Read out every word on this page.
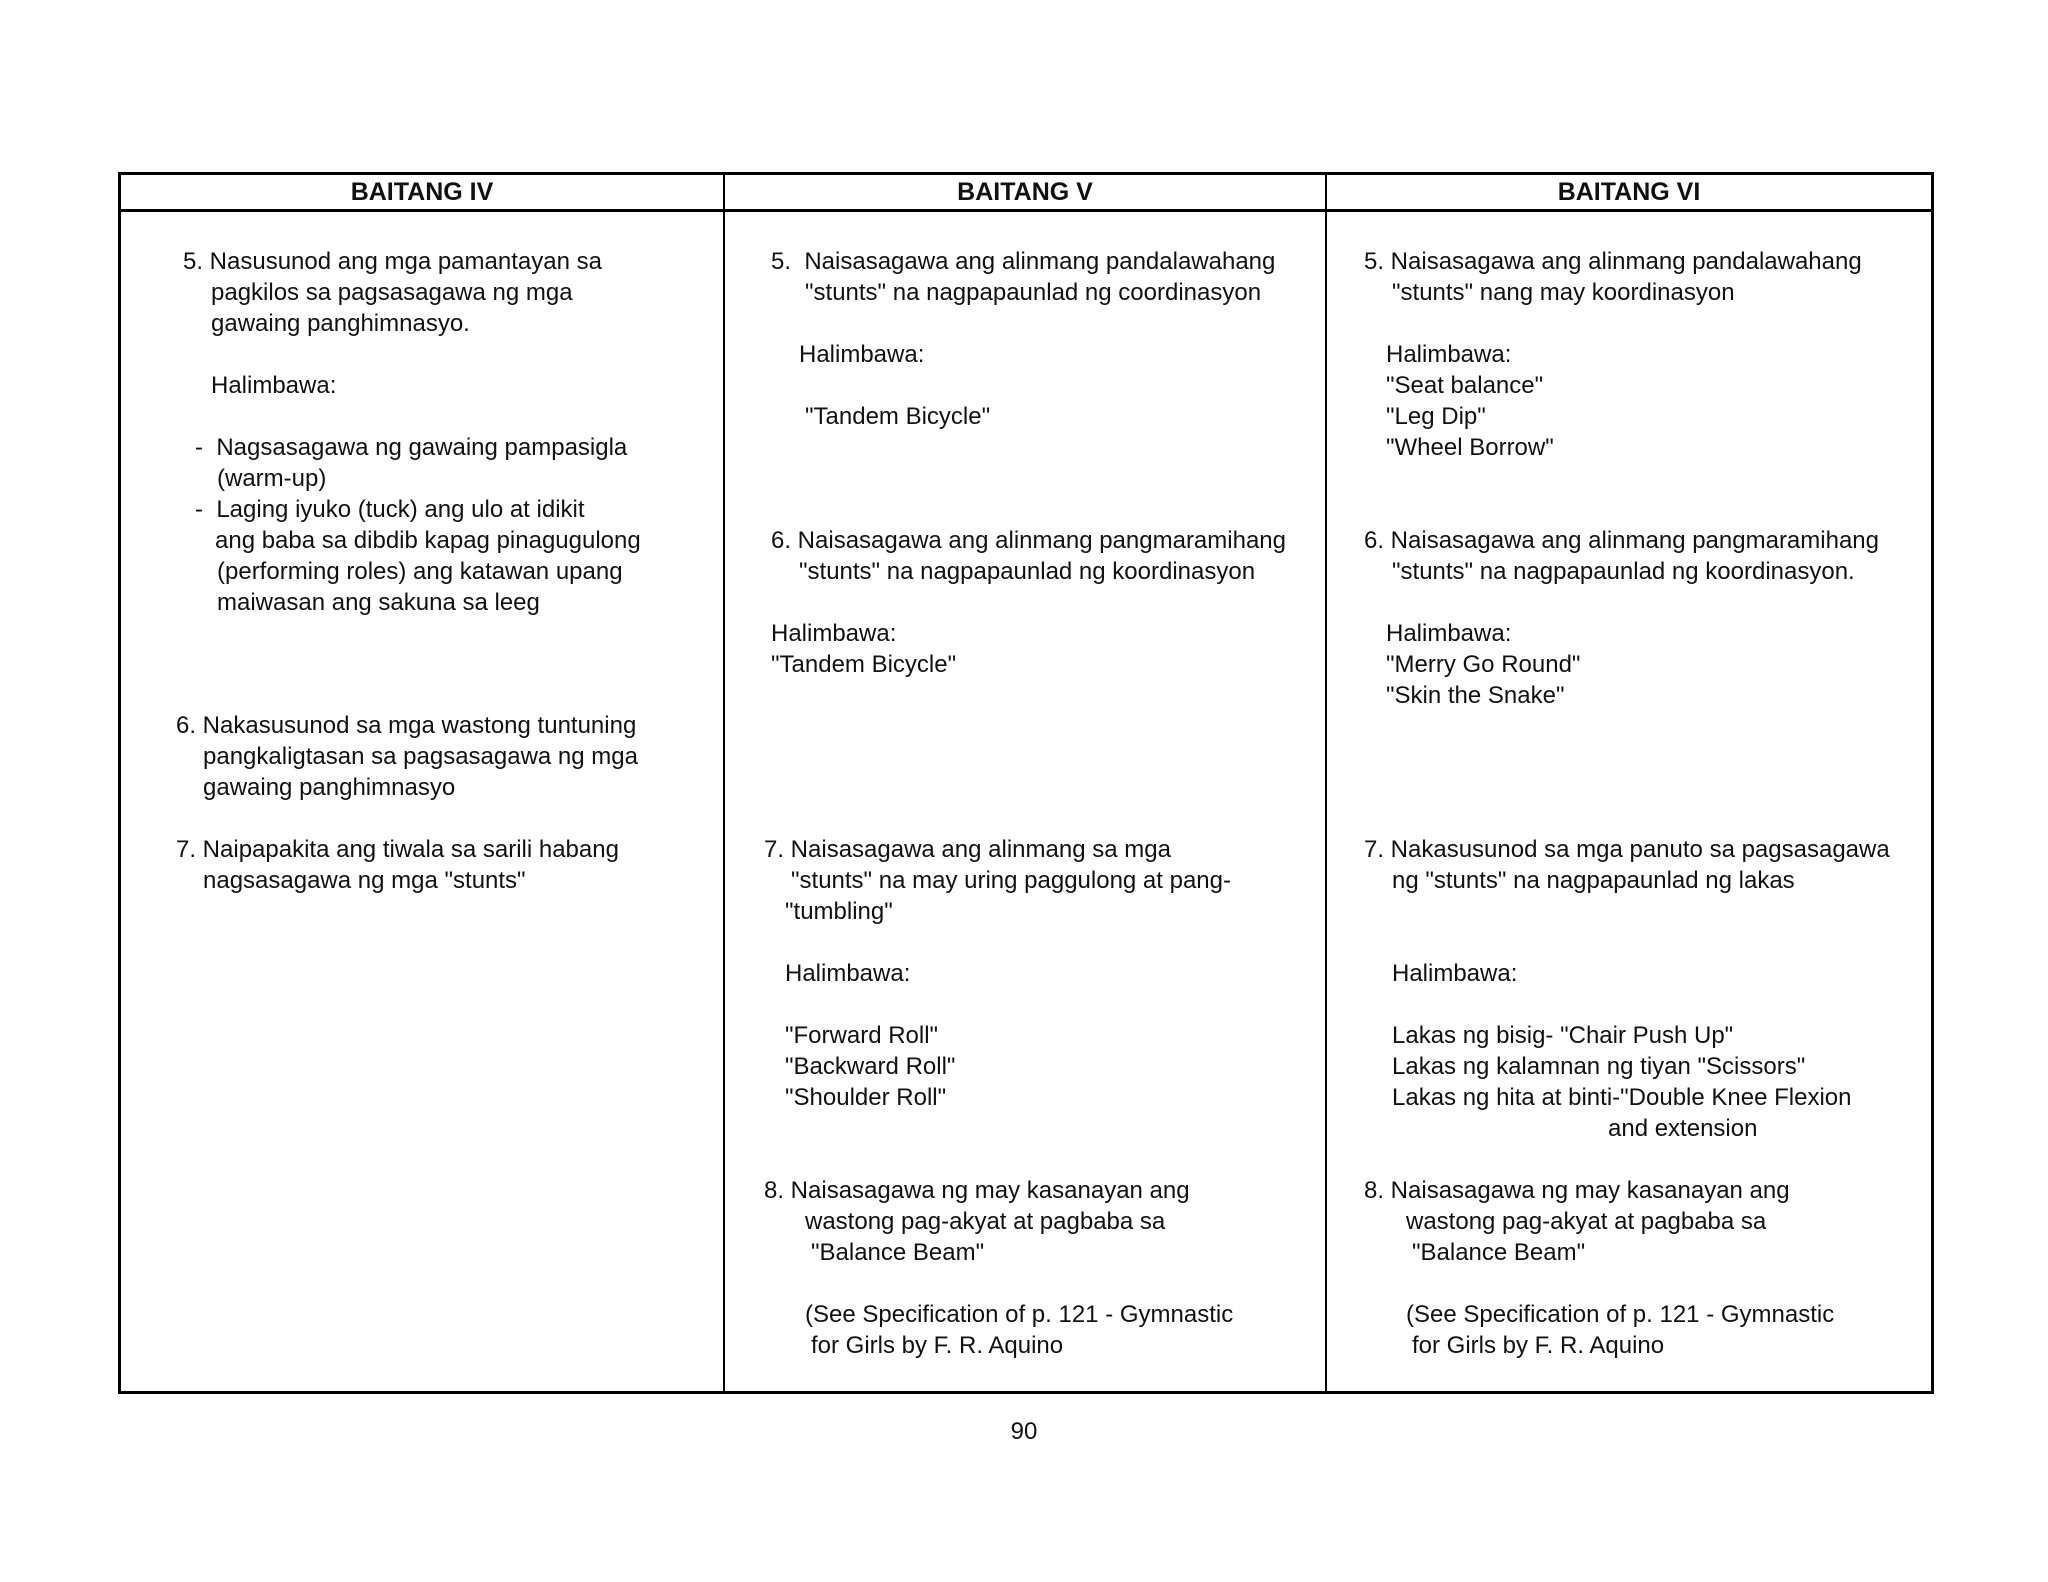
BAITANG IV	BAITANG V	BAITANG VI
5. Nasusunod ang mga pamantayan sa
pagkilos sa pagsasagawa ng mga
gawaing panghimnasyo.
Halimbawa:
-  Nagsasagawa ng gawaing pampasigla
(warm-up)
-  Laging iyuko (tuck) ang ulo at idikit
ang baba sa dibdib kapag pinagugulong
(performing roles) ang katawan upang
maiwasan ang sakuna sa leeg
6. Nakasusunod sa mga wastong tuntuning
pangkaligtasan sa pagsasagawa ng mga
gawaing panghimnasyo
7. Naipapakita ang tiwala sa sarili habang
nagsasagawa ng mga "stunts"
5.  Naisasagawa ang alinmang pandalawahang
"stunts" na nagpapaunlad ng coordinasyon
Halimbawa:
"Tandem Bicycle"
6. Naisasagawa ang alinmang pangmaramihang
"stunts" na nagpapaunlad ng koordinasyon
Halimbawa:
"Tandem Bicycle"
7. Naisasagawa ang alinmang sa mga
"stunts" na may uring paggulong at pang-
"tumbling"
Halimbawa:
"Forward Roll"
"Backward Roll"
"Shoulder Roll"
8. Naisasagawa ng may kasanayan ang
wastong pag-akyat at pagbaba sa
"Balance Beam"
(See Specification of p. 121 - Gymnastic
for Girls by F. R. Aquino
5. Naisasagawa ang alinmang pandalawahang
"stunts" nang may koordinasyon
Halimbawa:
"Seat balance"
"Leg Dip"
"Wheel Borrow"
6. Naisasagawa ang alinmang pangmaramihang
"stunts" na nagpapaunlad ng koordinasyon.
Halimbawa:
"Merry Go Round"
"Skin the Snake"
7. Nakasusunod sa mga panuto sa pagsasagawa
ng "stunts" na nagpapaunlad ng lakas
Halimbawa:
Lakas ng bisig- "Chair Push Up"
Lakas ng kalamnan ng tiyan "Scissors"
Lakas ng hita at binti-"Double Knee Flexion
and extension
8. Naisasagawa ng may kasanayan ang
wastong pag-akyat at pagbaba sa
"Balance Beam"
(See Specification of p. 121 - Gymnastic
for Girls by F. R. Aquino
90
